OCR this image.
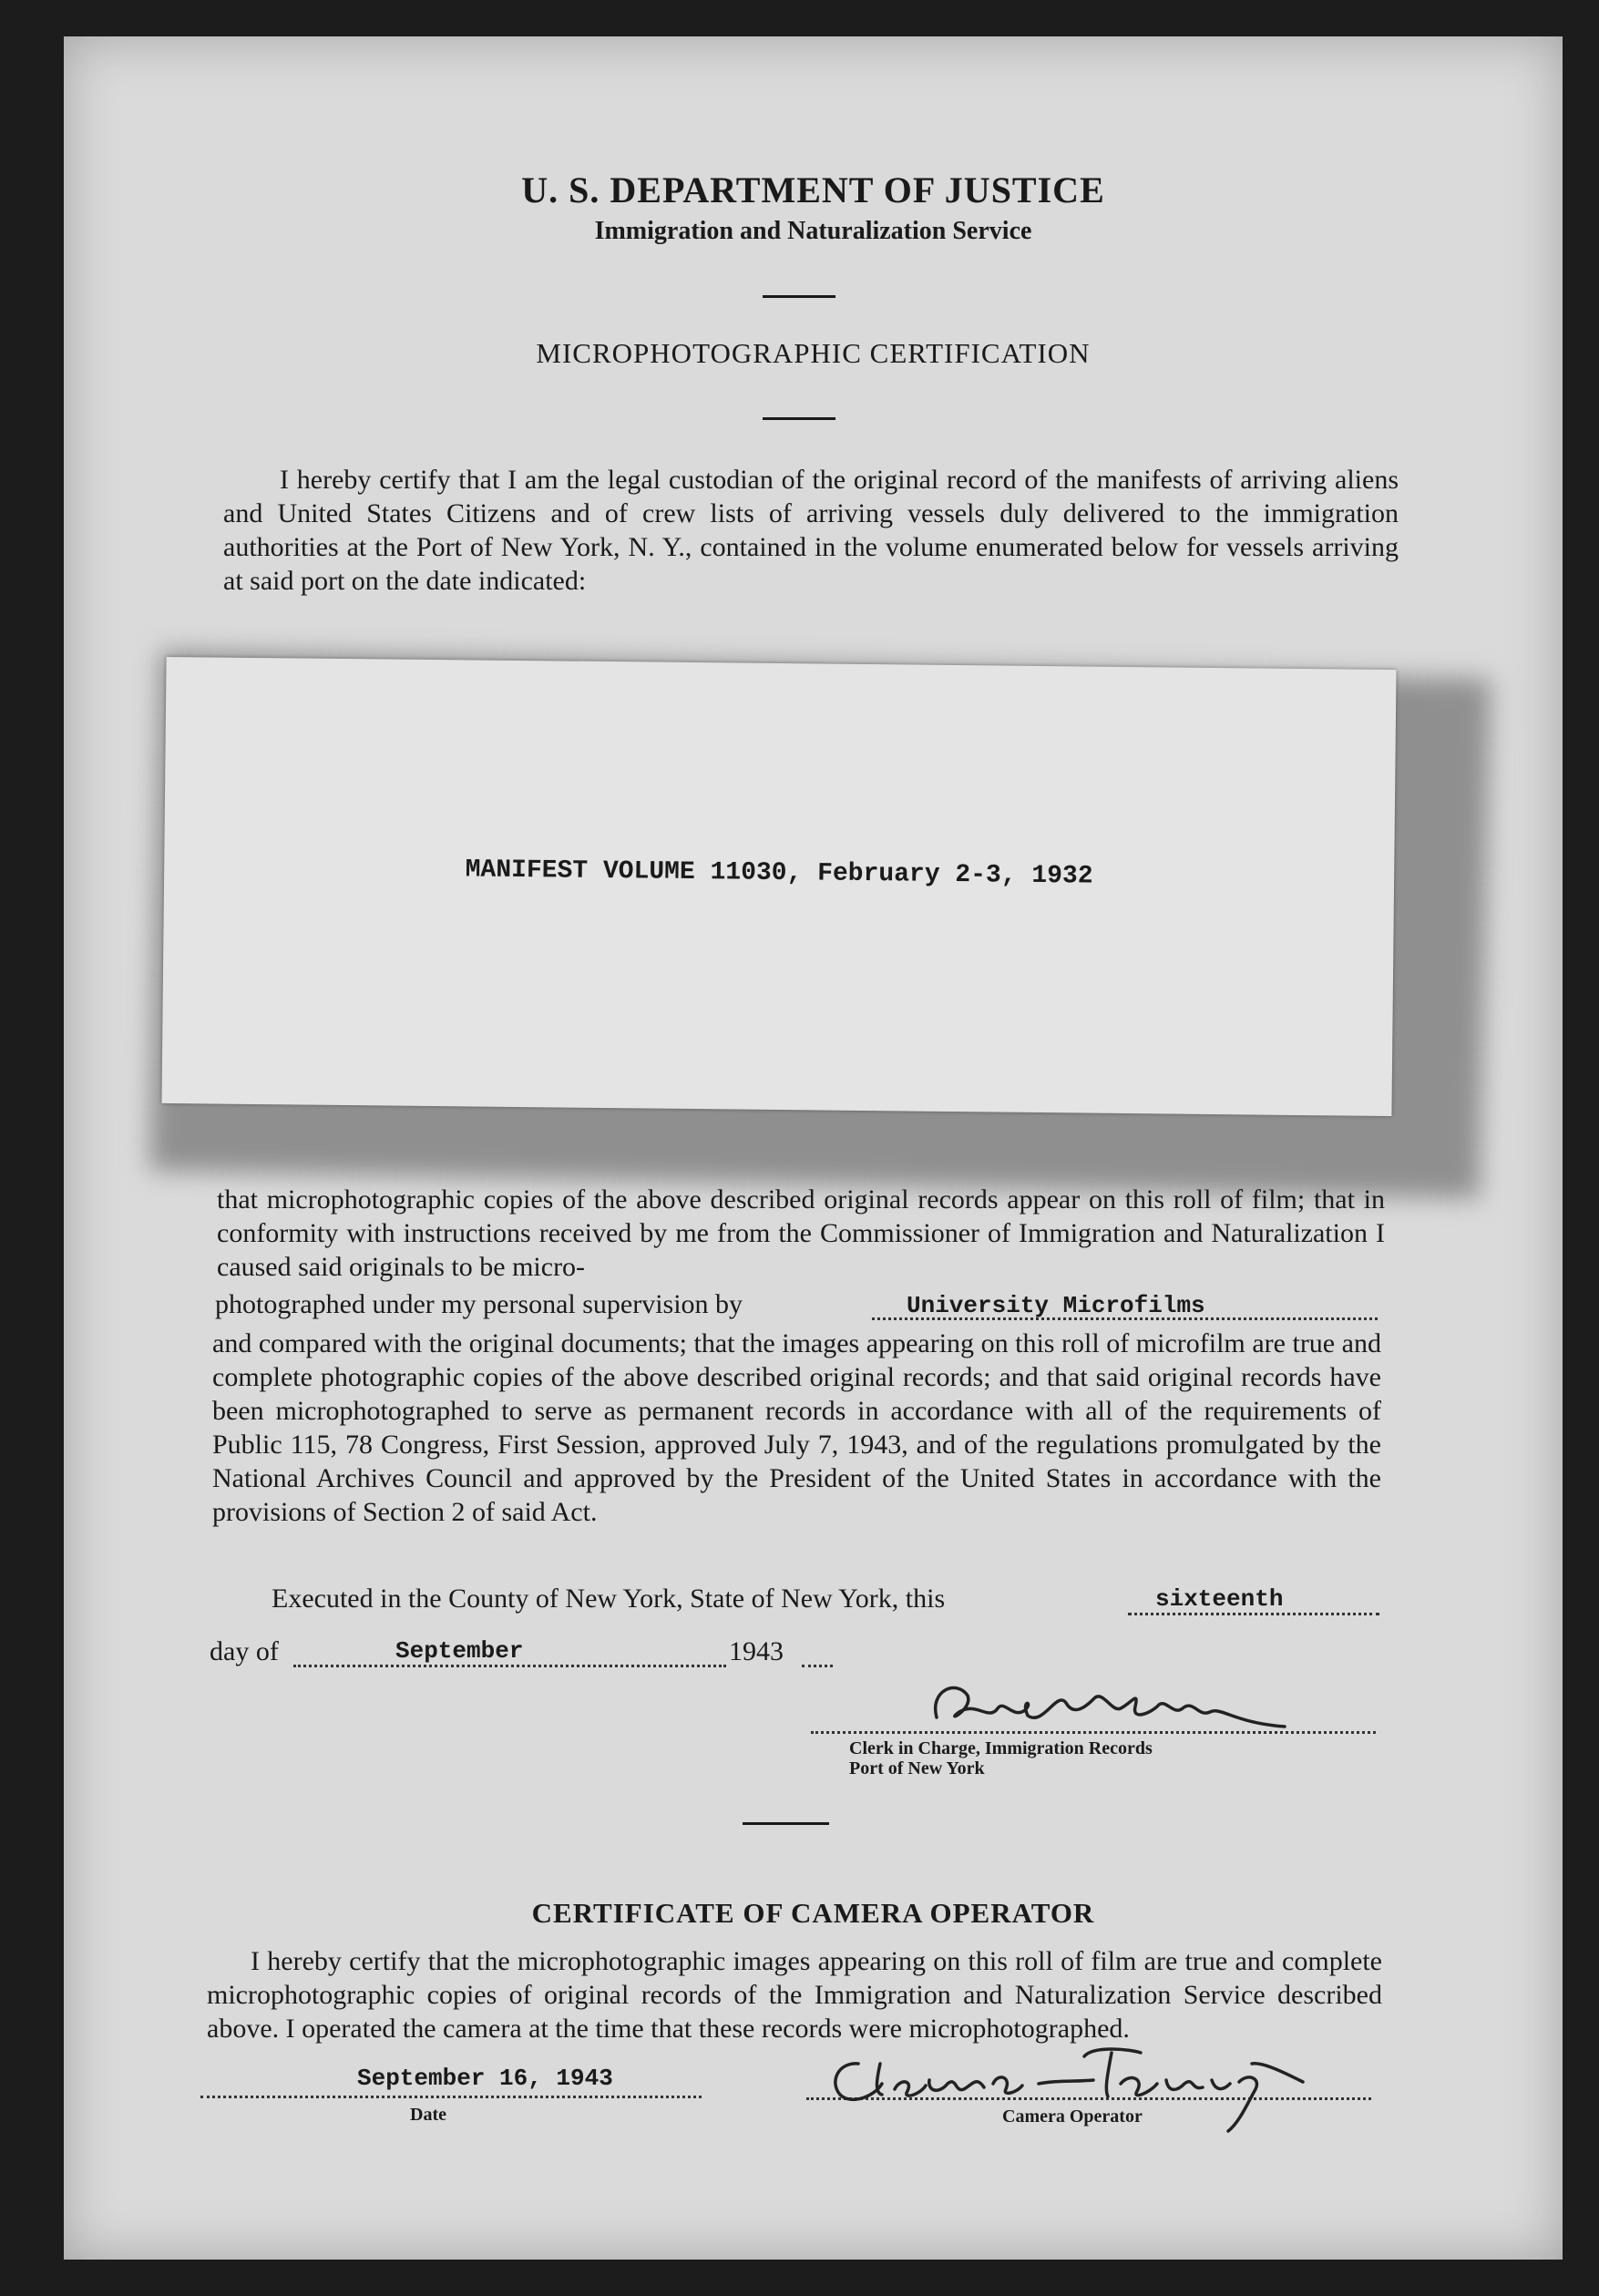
U. S. DEPARTMENT OF JUSTICE
Immigration and Naturalization Service
MICROPHOTOGRAPHIC CERTIFICATION

I hereby certify that I am the legal custodian of the original record of the manifests of arriving aliens and United States Citizens and of crew lists of arriving vessels duly delivered to the immigration authorities at the Port of New York, N. Y., contained in the volume enumerated below for vessels arriving at said port on the date indicated:

MANIFEST VOLUME 11030, February 2-3, 1932

that microphotographic copies of the above described original records appear on this roll of film; that in conformity with instructions received by me from the Commissioner of Immigration and Naturalization I caused said originals to be micro-

photographed under my personal supervision by	University Microfilms

and compared with the original documents; that the images appearing on this roll of microfilm are true and complete photographic copies of the above described original records; and that said original records have been microphotographed to serve as permanent records in accordance with all of the requirements of Public 115, 78 Congress, First Session, approved July 7, 1943, and of the regulations promulgated by the National Archives Council and approved by the President of the United States in accordance with the provisions of Section 2 of said Act.

Executed in the County of New York, State of New York, this	sixteenth
day of	September	1943
Clerk in Charge, Immigration Records
Port of New York
CERTIFICATE OF CAMERA OPERATOR

I hereby certify that the microphotographic images appearing on this roll of film are true and complete microphotographic copies of original records of the Immigration and Naturalization Service described above. I operated the camera at the time that these records were microphotographed.

September 16, 1943
Date	Camera Operator
